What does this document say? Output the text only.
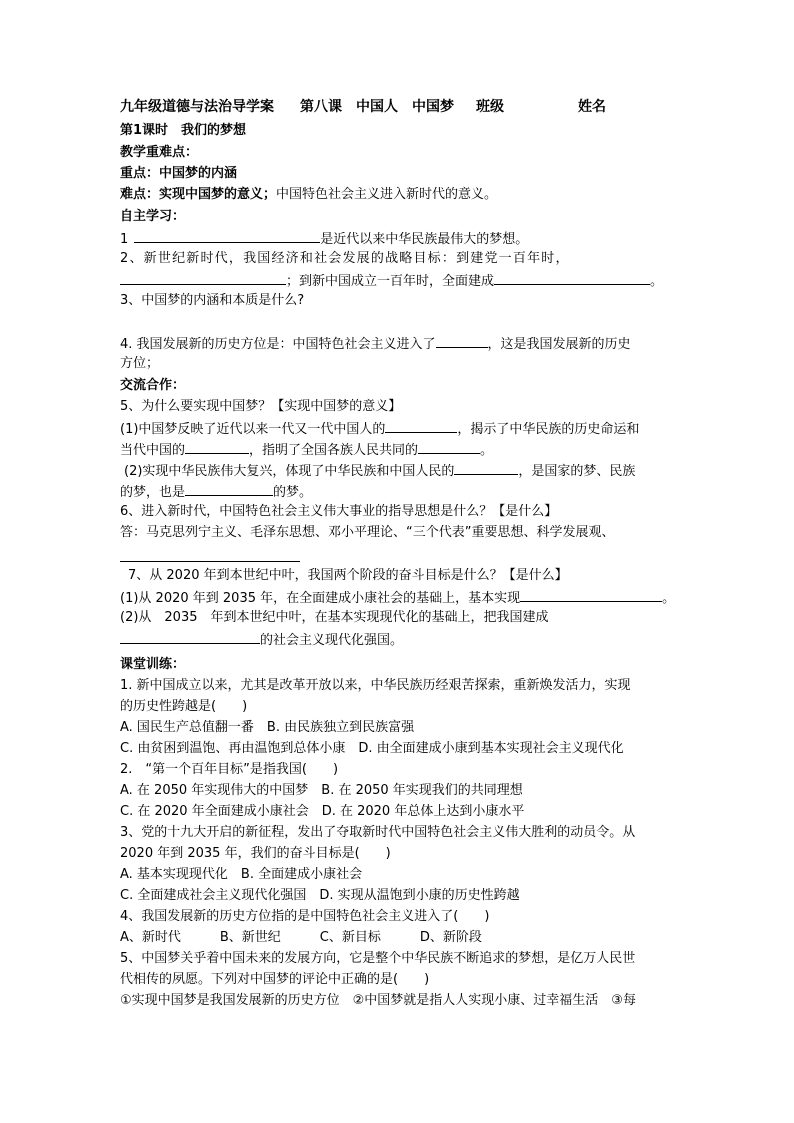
九年级道德与法治导学案 第八课　中国人　中国梦 班级	姓名
第1课时　我们的梦想
教学重难点：
重点：中国梦的内涵
难点：实现中国梦的意义；中国特色社会主义进入新时代的意义。
自主学习：
1	是近代以来中华民族最伟大的梦想。
2、新世纪新时代，我国经济和社会发展的战略目标：到建党一百年时，
；到新中国成立一百年时，全面建成	。
3、中国梦的内涵和本质是什么?
4. 我国发展新的历史方位是：中国特色社会主义进入了	，这是我国发展新的历史
方位；
交流合作：
5、为什么要实现中国梦？【实现中国梦的意义】
(1)中国梦反映了近代以来一代又一代中国人的	，揭示了中华民族的历史命运和
当代中国的	，指明了全国各族人民共同的	。
(2)实现中华民族伟大复兴，体现了中华民族和中国人民的	，是国家的梦、民族
的梦，也是	的梦。
6、进入新时代，中国特色社会主义伟大事业的指导思想是什么？【是什么】
答：马克思列宁主义、毛泽东思想、邓小平理论、“三个代表”重要思想、科学发展观、
7、从 2020 年到本世纪中叶，我国两个阶段的奋斗目标是什么？【是什么】
(1)从 2020 年到 2035 年，在全面建成小康社会的基础上，基本实现	。
(2)从　2035　年到本世纪中叶，在基本实现现代化的基础上，把我国建成
的社会主义现代化强国。
课堂训练：
1. 新中国成立以来，尤其是改革开放以来，中华民族历经艰苦探索，重新焕发活力，实现
的历史性跨越是(　　)
A. 国民生产总值翻一番　B. 由民族独立到民族富强
C. 由贫困到温饱、再由温饱到总体小康　D. 由全面建成小康到基本实现社会主义现代化
2.　“第一个百年目标”是指我国(　　)
A. 在 2050 年实现伟大的中国梦　B. 在 2050 年实现我们的共同理想
C. 在 2020 年全面建成小康社会　D. 在 2020 年总体上达到小康水平
3、党的十九大开启的新征程，发出了夺取新时代中国特色社会主义伟大胜利的动员令。从
2020 年到 2035 年，我们的奋斗目标是(　　)
A. 基本实现现代化　B. 全面建成小康社会
C. 全面建成社会主义现代化强国　D. 实现从温饱到小康的历史性跨越
4、我国发展新的历史方位指的是中国特色社会主义进入了(　　)
A、新时代　　　B、新世纪　　　C、新目标　　　D、新阶段
5、中国梦关乎着中国未来的发展方向，它是整个中华民族不断追求的梦想，是亿万人民世
代相传的夙愿。下列对中国梦的评论中正确的是(　　)
①实现中国梦是我国发展新的历史方位　②中国梦就是指人人实现小康、过幸福生活　③每
